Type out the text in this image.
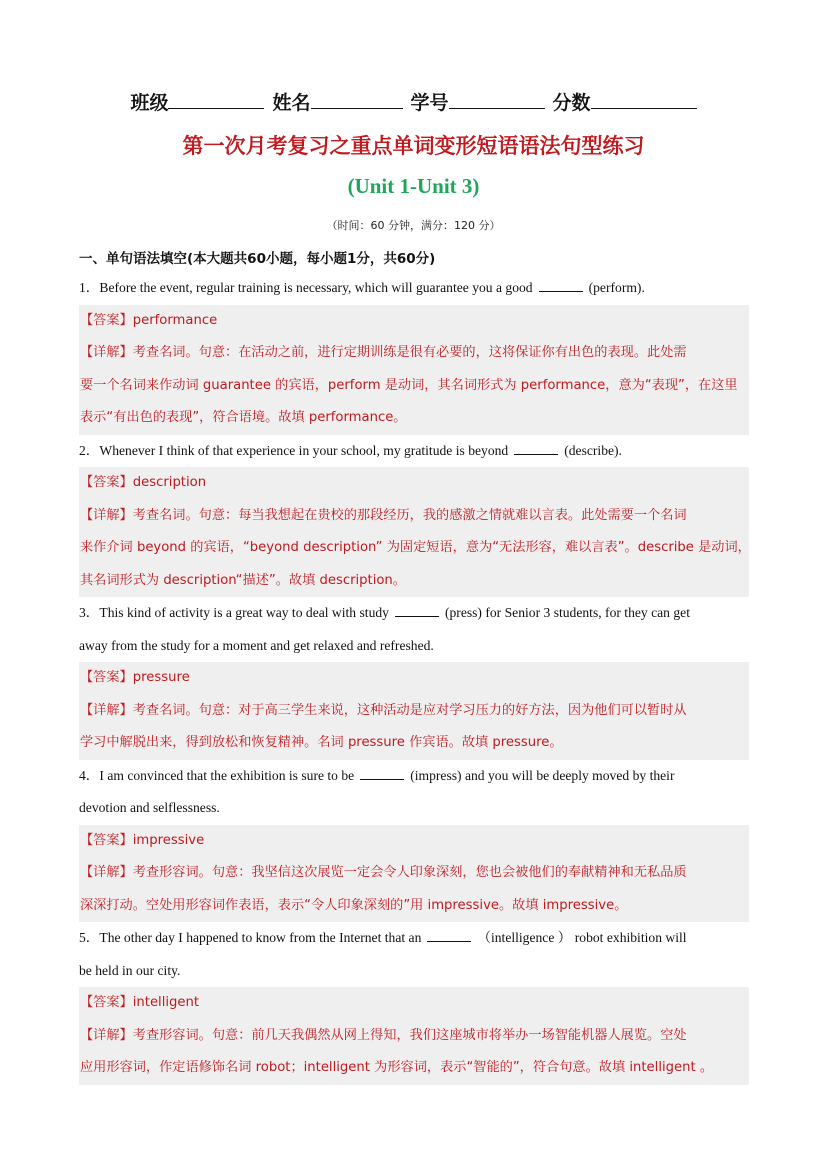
班级	姓名	学号	分数
第一次月考复习之重点单词变形短语语法句型练习
(Unit 1-Unit 3)
（时间：60 分钟，满分：120 分）
一、单句语法填空(本大题共60小题，每小题1分，共60分)

1．Before the event, regular training is necessary, which will guarantee you a good	(perform).

【答案】performance
【详解】考查名词。句意：在活动之前，进行定期训练是很有必要的，这将保证你有出色的表现。此处需
要一个名词来作动词 guarantee 的宾语，perform 是动词，其名词形式为 performance，意为“表现”，在这里
表示“有出色的表现”，符合语境。故填 performance。

2．Whenever I think of that experience in your school, my gratitude is beyond	(describe).

【答案】description
【详解】考查名词。句意：每当我想起在贵校的那段经历，我的感激之情就难以言表。此处需要一个名词
来作介词 beyond 的宾语，“beyond description” 为固定短语，意为“无法形容，难以言表”。describe 是动词，
其名词形式为 description“描述”。故填 description。

3．This kind of activity is a great way to deal with study	(press) for Senior 3 students, for they can get
away from the study for a moment and get relaxed and refreshed.

【答案】pressure
【详解】考查名词。句意：对于高三学生来说，这种活动是应对学习压力的好方法，因为他们可以暂时从
学习中解脱出来，得到放松和恢复精神。名词 pressure 作宾语。故填 pressure。

4．I am convinced that the exhibition is sure to be	(impress) and you will be deeply moved by their
devotion and selflessness.

【答案】impressive
【详解】考查形容词。句意：我坚信这次展览一定会令人印象深刻，您也会被他们的奉献精神和无私品质
深深打动。空处用形容词作表语，表示“令人印象深刻的”用 impressive。故填 impressive。

5．The other day I happened to know from the Internet that an	（intelligence ） robot exhibition will
be held in our city.

【答案】intelligent
【详解】考查形容词。句意：前几天我偶然从网上得知，我们这座城市将举办一场智能机器人展览。空处
应用形容词，作定语修饰名词 robot；intelligent 为形容词，表示“智能的”，符合句意。故填 intelligent 。
